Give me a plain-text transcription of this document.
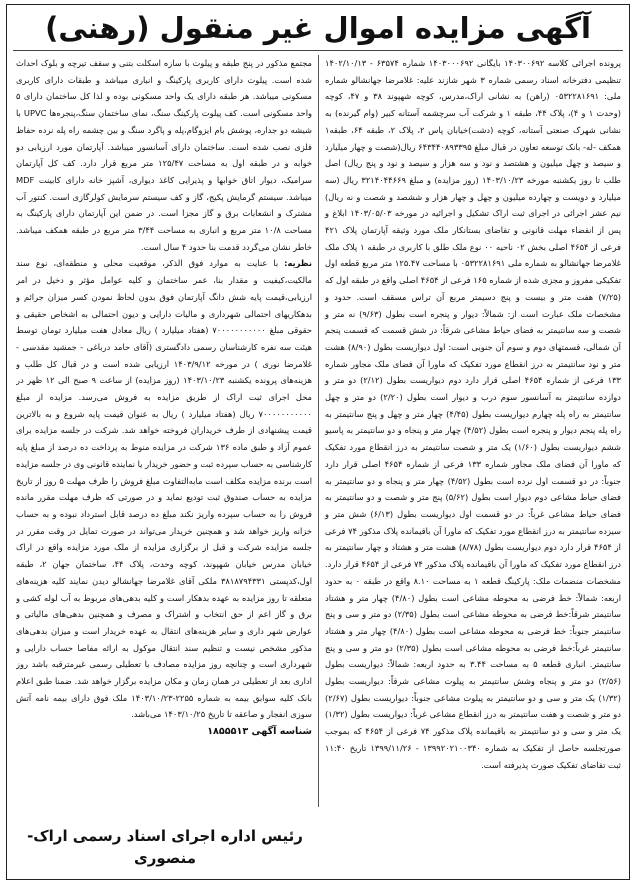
آگهی مزایده اموال غیر منقول (رهنی)

پرونده اجرائی کلاسه ۱۴۰۳۰۰۶۹۲ بایگانی ۱۴۰۳۰۰۰۶۹۲ شماره ۶۳۵۷۴ - ۱۴۰۲/۱۰/۱۳ تنظیمی دفترخانه اسناد رسمی شماره ۳ شهر شازند علیه: غلامرضا جهانشالو شماره ملی: ۰۵۳۲۲۸۱۶۹۱ (راهن) به نشانی اراک،مدرس، کوچه شهپوند ۳۸ و ۴۷، کوچه (وحدت ۱ و ۴)، پلاک ۴۴، طبقه ۱ و شرکت آب سرچشمه آستانه کبیر (وام گیرنده) به نشانی شهرک صنعتی آستانه، کوچه (دشت)خیابان پاس ۲، پلاک ۲، طبقه ۶۴، طبقه۱ همکف -له- بانک توسعه تعاون در قبال مبلغ ۶۴۳۴۴۰۸۹۳۳۹۵ ریال(شصت و چهار میلیارد و سیصد و چهل میلیون و هشتصد و نود و سه هزار و سیصد و نود و پنج ریال) اصل طلب تا روز یکشنبه مورخه ۱۴۰۳/۱۰/۲۳ (روز مزایده) و مبلغ ۳۲۱۴۰۴۴۶۶۹ ریال (سه میلیارد و دویست و چهارده میلیون و چهل و چهار هزار و ششصد و شصت و نه ریال) نیم عشر اجرائی در اجرای ثبت اراک تشکیل و اجرائیه در مورخه ۱۴۰۳/۰۵/۰۳ ابلاغ و پس از انقضاء مهلت قانونی و تقاضای بستانکار ملک مورد وثیقه آپارتمان پلاک ۴۲۱ فرعی از ۴۶۵۴ اصلی بخش ۰۲ ناحیه ۰۰ نوع ملک طلق با کاربری در طبقه ۱ پلاک ملک غلامرضا جهانشالو به شماره ملی ۰۵۳۲۲۸۱۶۹۱ با مساحت ۱۲۵.۴۷ متر مربع قطعه اول تفکیکی مفروز و مجزی شده از شماره ۱۶۵ فرعی از ۴۶۵۴ اصلی واقع در طبقه اول که (۷/۲۵) هفت متر و بیست و پنج دسیمتر مربع آن تراس مسقف است. حدود و مشخصات ملک عبارت است از: شمالاً: دیوار و پنجره است بطول (۹/۶۳) نه متر و شصت و سه سانتیمتر به فضای حیاط مشاعی شرقاً: در شش قسمت که قسمت پنجم آن شمالی، قسمتهای دوم و سوم آن جنوبی است: اول دیواریست بطول (۸/۹۰) هشت متر و نود سانتیمتر به درز انقطاع مورد تفکیک که ماورا آن فضای ملک مجاور شماره ۱۳۳ فرعی از شماره ۴۶۵۴ اصلی قرار دارد دوم دیواریست بطول (۲/۱۲) دو متر و دوازده سانتیمتر به آسانسور سوم درب و دیوار است بطول (۲/۲۰) دو متر و چهل سانتیمتر به راه پله چهارم دیواریست بطول (۴/۴۵) چهار متر و چهل و پنج سانتیمتر به راه پله پنجم دیوار و پنجره است بطول (۴/۵۲) چهار متر و پنجاه و دو سانتیمتر به پاسیو ششم دیواریست بطول (۱/۶۰) یک متر و شصت سانتیمتر به درز انقطاع مورد تفکیک که ماورا آن فضای ملک مجاور شماره ۱۳۳ فرعی از شماره ۴۶۵۴ اصلی قرار دارد جنوباً: در دو قسمت اول نرده است بطول (۴/۵۲) چهار متر و پنجاه و دو سانتیمتر به فضای حیاط مشاعی دوم دیوار است بطول (۵/۶۲) پنج متر و شصت و دو سانتیمتر به فضای حیاط مشاعی غرباً: در دو قسمت اول دیواریست بطول (۶/۱۳) شش متر و سیزده سانتیمتر به درز انقطاع مورد تفکیک که ماورا آن باقیمانده پلاک مذکور ۷۴ فرعی از ۴۶۵۴ قرار دارد دوم دیواریست بطول (۸/۷۸) هشت متر و هشتاد و چهار سانتیمتر به درز انقطاع مورد تفکیک که ماورا آن باقیمانده پلاک مذکور ۷۴ فرعی از ۴۶۵۴ قرار دارد. مشخصات منضمات ملک: پارکینگ قطعه ۱ به مساحت ۸.۱۰ واقع در طبقه ۰ به حدود اربعه: شمالاً: خط فرضی به محوطه مشاعی است بطول (۴/۸۰) چهار متر و هشتاد سانتیمتر شرقاً:خط فرضی به محوطه مشاعی است بطول (۲/۳۵) دو متر و سی و پنج سانتیمتر جنوباً: خط فرضی به محوطه مشاعی است بطول (۴/۸۰) چهار متر و هشتاد سانتیمتر غرباً:خط فرضی به محوطه مشاعی است بطول (۲/۳۵) دو متر و سی و پنج سانتیمتر. انباری قطعه ۵ به مساحت ۳.۴۴ به حدود اربعه: شمالاً: دیواریست بطول (۲/۵۶) دو متر و پنجاه وشش سانتیمتر به پیلوت مشاعی شرقاً: دیواریست بطول (۱/۳۲) یک متر و سی و دو سانتیمتر به پیلوت مشاعی جنوباً: دیواریست بطول (۲/۶۷) دو متر و شصت و هفت سانتیمتر به درز انقطاع مشاعی غرباً: دیواریست بطول (۱/۳۲) یک متر و سی و دو سانتیمتر به باقیمانده پلاک مذکور ۷۴ فرعی از ۴۶۵۴ که بموجب صورتجلسه حاصل از تفکیک به شماره ۱۳۹۹۲۰۲۱۰۰۳۴۰ - ۱۳۹۹/۱۱/۲۶ تاریخ ۱۱:۴۰ ثبت تقاضای تفکیک صورت پذیرفته است.

مجتمع مذکور در پنج طبقه و پیلوت با سازه اسکلت بتنی و سقف تیرچه و بلوک احداث شده است. پیلوت دارای کاربری پارکینگ و انباری میباشد و طبقات دارای کاربری مسکونی میباشد. هر طبقه دارای یک واحد مسکونی بوده و لذا کل ساختمان دارای ۵ واحد مسکونی است. کف پیلوت پارکینگ سنگ، نمای ساختمان سنگ،پنجره‌ها UPVC با شیشه دو جداره، پوشش بام ایزوگام،پله و پاگرد سنگ و بین چشمه راه پله نرده حفاظ فلزی نصب شده است. ساختمان دارای آسانسور میباشد. آپارتمان مورد ارزیابی دو خوابه و در طبقه اول به مساحت ۱۲۵/۴۷ متر مربع قرار دارد. کف کل آپارتمان سرامیک، دیوار اتاق خوابها و پذیرایی کاغذ دیواری، آشپز خانه دارای کابینت MDF میباشد. سیستم گرمایش پکیج، گاز و کف سیستم سرمایش کولرگازی است. کنتور آب مشترک و انشعابات برق و گاز مجزا است. در ضمن این آپارتمان دارای پارکینگ به مساحت ۱۰/۸ متر مربع و انباری به مساحت ۳/۴۴ متر مربع در طبقه همکف میباشد. خاطر نشان می‌گردد قدمت بنا حدود ۴ سال است.

نظریه: با عنایت به موارد فوق الذکر، موقعیت محلی و منطقه‌ای، نوع سند مالکیت،کیفیت و مقدار بنا، عمر ساختمان و کلیه عوامل مؤثر و دخیل در امر ارزیابی،قیمت پایه شش دانگ آپارتمان فوق بدون لحاظ نمودن کسر میزان جرائم و بدهکاریهای احتمالی شهرداری و مالیات دارایی و دیون احتمالی به اشخاص حقیقی و حقوقی مبلغ ۷۰۰۰۰۰۰۰۰۰۰۰ (هفتاد میلیارد ) ریال معادل هفت میلیارد تومان توسط هیئت سه نفره کارشناسان رسمی دادگستری (آقای حامد درباغی - جمشید مقدسی - غلامرضا نوری ) در مورخه ۱۴۰۳/۹/۱۲ ارزیابی شده است و در قبال کل طلب و هزینه‌های پرونده یکشنبه ۱۴۰۳/۱۰/۲۳ (روز مزایده) از ساعت ۹ صبح الی ۱۲ ظهر در محل اجرای ثبت اراک از طریق مزایده به فروش می‌رسد. مزایده از مبلغ ۷۰۰۰۰۰۰۰۰۰۰۰ ریال (هفتاد میلیارد ) ریال به عنوان قیمت پایه شروع و به بالاترین قیمت پیشنهادی از طرف خریداران فروخته خواهد شد. شرکت در جلسه مزایده برای عموم آزاد و طبق ماده ۱۳۶ شرکت در مزایده منوط به پرداخت ده درصد از مبلغ پایه کارشناسی به حساب سپرده ثبت و حضور خریدار یا نماینده قانونی وی در جلسه مزایده است برنده مزایده مکلف است مابه‌التفاوت مبلغ فروش را ظرف مهلت ۵ روز از تاریخ مزایده به حساب صندوق ثبت تودیع نماید و در صورتی که ظرف مهلت مقرر مانده فروش را به حساب سپرده واریز نکند مبلغ ده درصد قابل استرداد نبوده و به حساب خزانه واریز خواهد شد و همچنین خریدار می‌تواند در صورت تمایل در وقت مقرر در جلسه مزایده شرکت و قبل از برگزاری مزایده از ملک مورد مزایده واقع در اراک خیابان مدرس خیابان شهپوند، کوچه وحدت، پلاک ۴۴، ساختمان جهان ۲، طبقه اول،کدپستی ۳۸۱۸۷۹۴۳۳۱ ملکی آقای غلامرضا جهانشالو دیدن نمایند کلیه هزینه‌های متعلقه تا روز مزایده به عهده بدهکار است و کلیه بدهی‌های مربوط به آب لوله کشی و برق و گاز اعم از حق انتخاب و اشتراک و مصرف و همچنین بدهی‌های مالیاتی و عوارض شهر داری و سایر هزینه‌های انتقال به عهده خریدار است و میزان بدهی‌های مذکور مشخص نیست و تنظیم سند انتقال موکول به ارائه مفاصا حساب دارایی و شهرداری است و چنانچه روز مزایده مصادف با تعطیلی رسمی غیرمترقبه باشد روز اداری بعد از تعطیلی در همان زمان و مکان مزایده برگزار خواهد شد. ضمنا طبق اعلام بانک کلیه سوابق بیمه به شماره ۲۲۵۵-۱۴۰۳/۱۰/۲۳ ملک فوق دارای بیمه نامه آتش سوزی انفجار و صاعقه تا تاریخ ۱۴۰۳/۱۰/۲۵ می‌باشد.

شناسه آگهی ۱۸۵۵۵۱۳

رئیس اداره اجرای اسناد رسمی اراک-منصوری
